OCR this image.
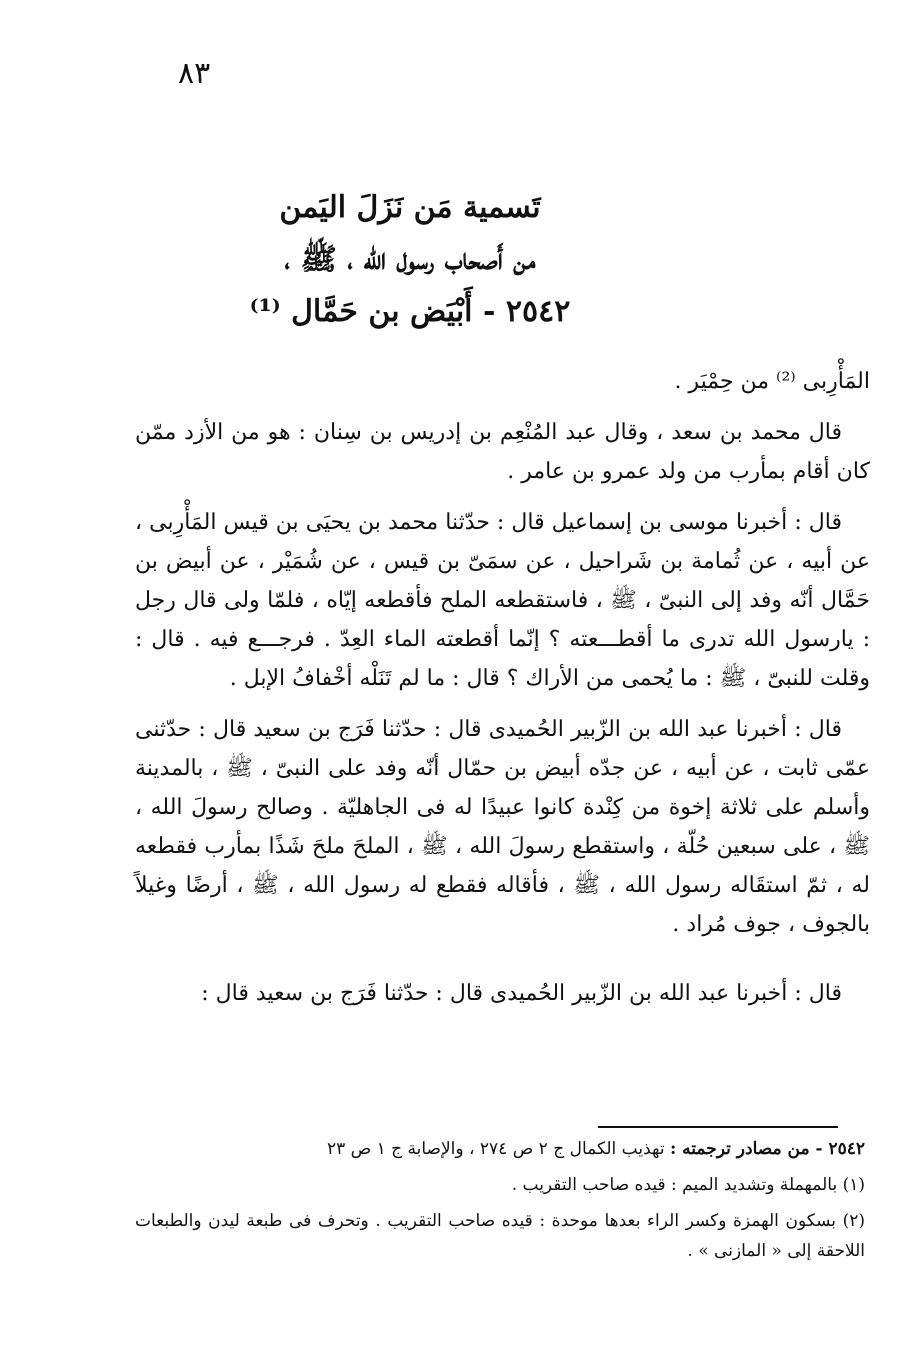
٨٣
تَسمية مَن نَزَلَ اليَمن
من أَصحاب رسول الله ، ﷺ ،
٢٥٤٢ - أَبْيَض بن حَمَّال ⁽¹⁾

المَأْرِبى ⁽²⁾ من حِمْيَر .

قال محمد بن سعد ، وقال عبد المُنْعِم بن إدريس بن سِنان : هو من الأزد ممّن كان أقام بمأرب من ولد عمرو بن عامر .

قال : أخبرنا موسى بن إسماعيل قال : حدّثنا محمد بن يحيَى بن قيس المَأْرِبى ، عن أبيه ، عن ثُمامة بن شَراحيل ، عن سمَىّ بن قيس ، عن شُمَيْر ، عن أبيض بن حَمَّال أنّه وفد إلى النبىّ ، ﷺ ، فاستقطعه الملح فأقطعه إيّاه ، فلمّا ولى قال رجل : يارسول الله تدرى ما أقطـــعته ؟ إنّما أقطعته الماء العِدّ . فرجـــع فيه . قال : وقلت للنبىّ ، ﷺ : ما يُحمى من الأراك ؟ قال : ما لم تَنَلْه أخْفافُ الإبل .

قال : أخبرنا عبد الله بن الزّبير الحُميدى قال : حدّثنا فَرَج بن سعيد قال : حدّثنى عمّى ثابت ، عن أبيه ، عن جدّه أبيض بن حمّال أنّه وفد على النبىّ ، ﷺ ، بالمدينة وأسلم على ثلاثة إخوة من كِنْدة كانوا عبيدًا له فى الجاهليّة . وصالح رسولَ الله ، ﷺ ، على سبعين حُلّة ، واستقطع رسولَ الله ، ﷺ ، الملحَ ملحَ شَذًا بمأرب فقطعه له ، ثمّ استقَاله رسول الله ، ﷺ ، فأقاله فقطع له رسول الله ، ﷺ ، أرضًا وغيلاً بالجوف ، جوف مُراد .

قال : أخبرنا عبد الله بن الزّبير الحُميدى قال : حدّثنا فَرَج بن سعيد قال :

٢٥٤٢ - من مصادر ترجمته : تهذيب الكمال ج ٢ ص ٢٧٤ ، والإصابة ج ١ ص ٢٣

(١) بالمهملة وتشديد الميم : قيده صاحب التقريب .

(٢) بسكون الهمزة وكسر الراء بعدها موحدة : قيده صاحب التقريب . وتحرف فى طبعة ليدن والطبعات اللاحقة إلى « المازنى » .
